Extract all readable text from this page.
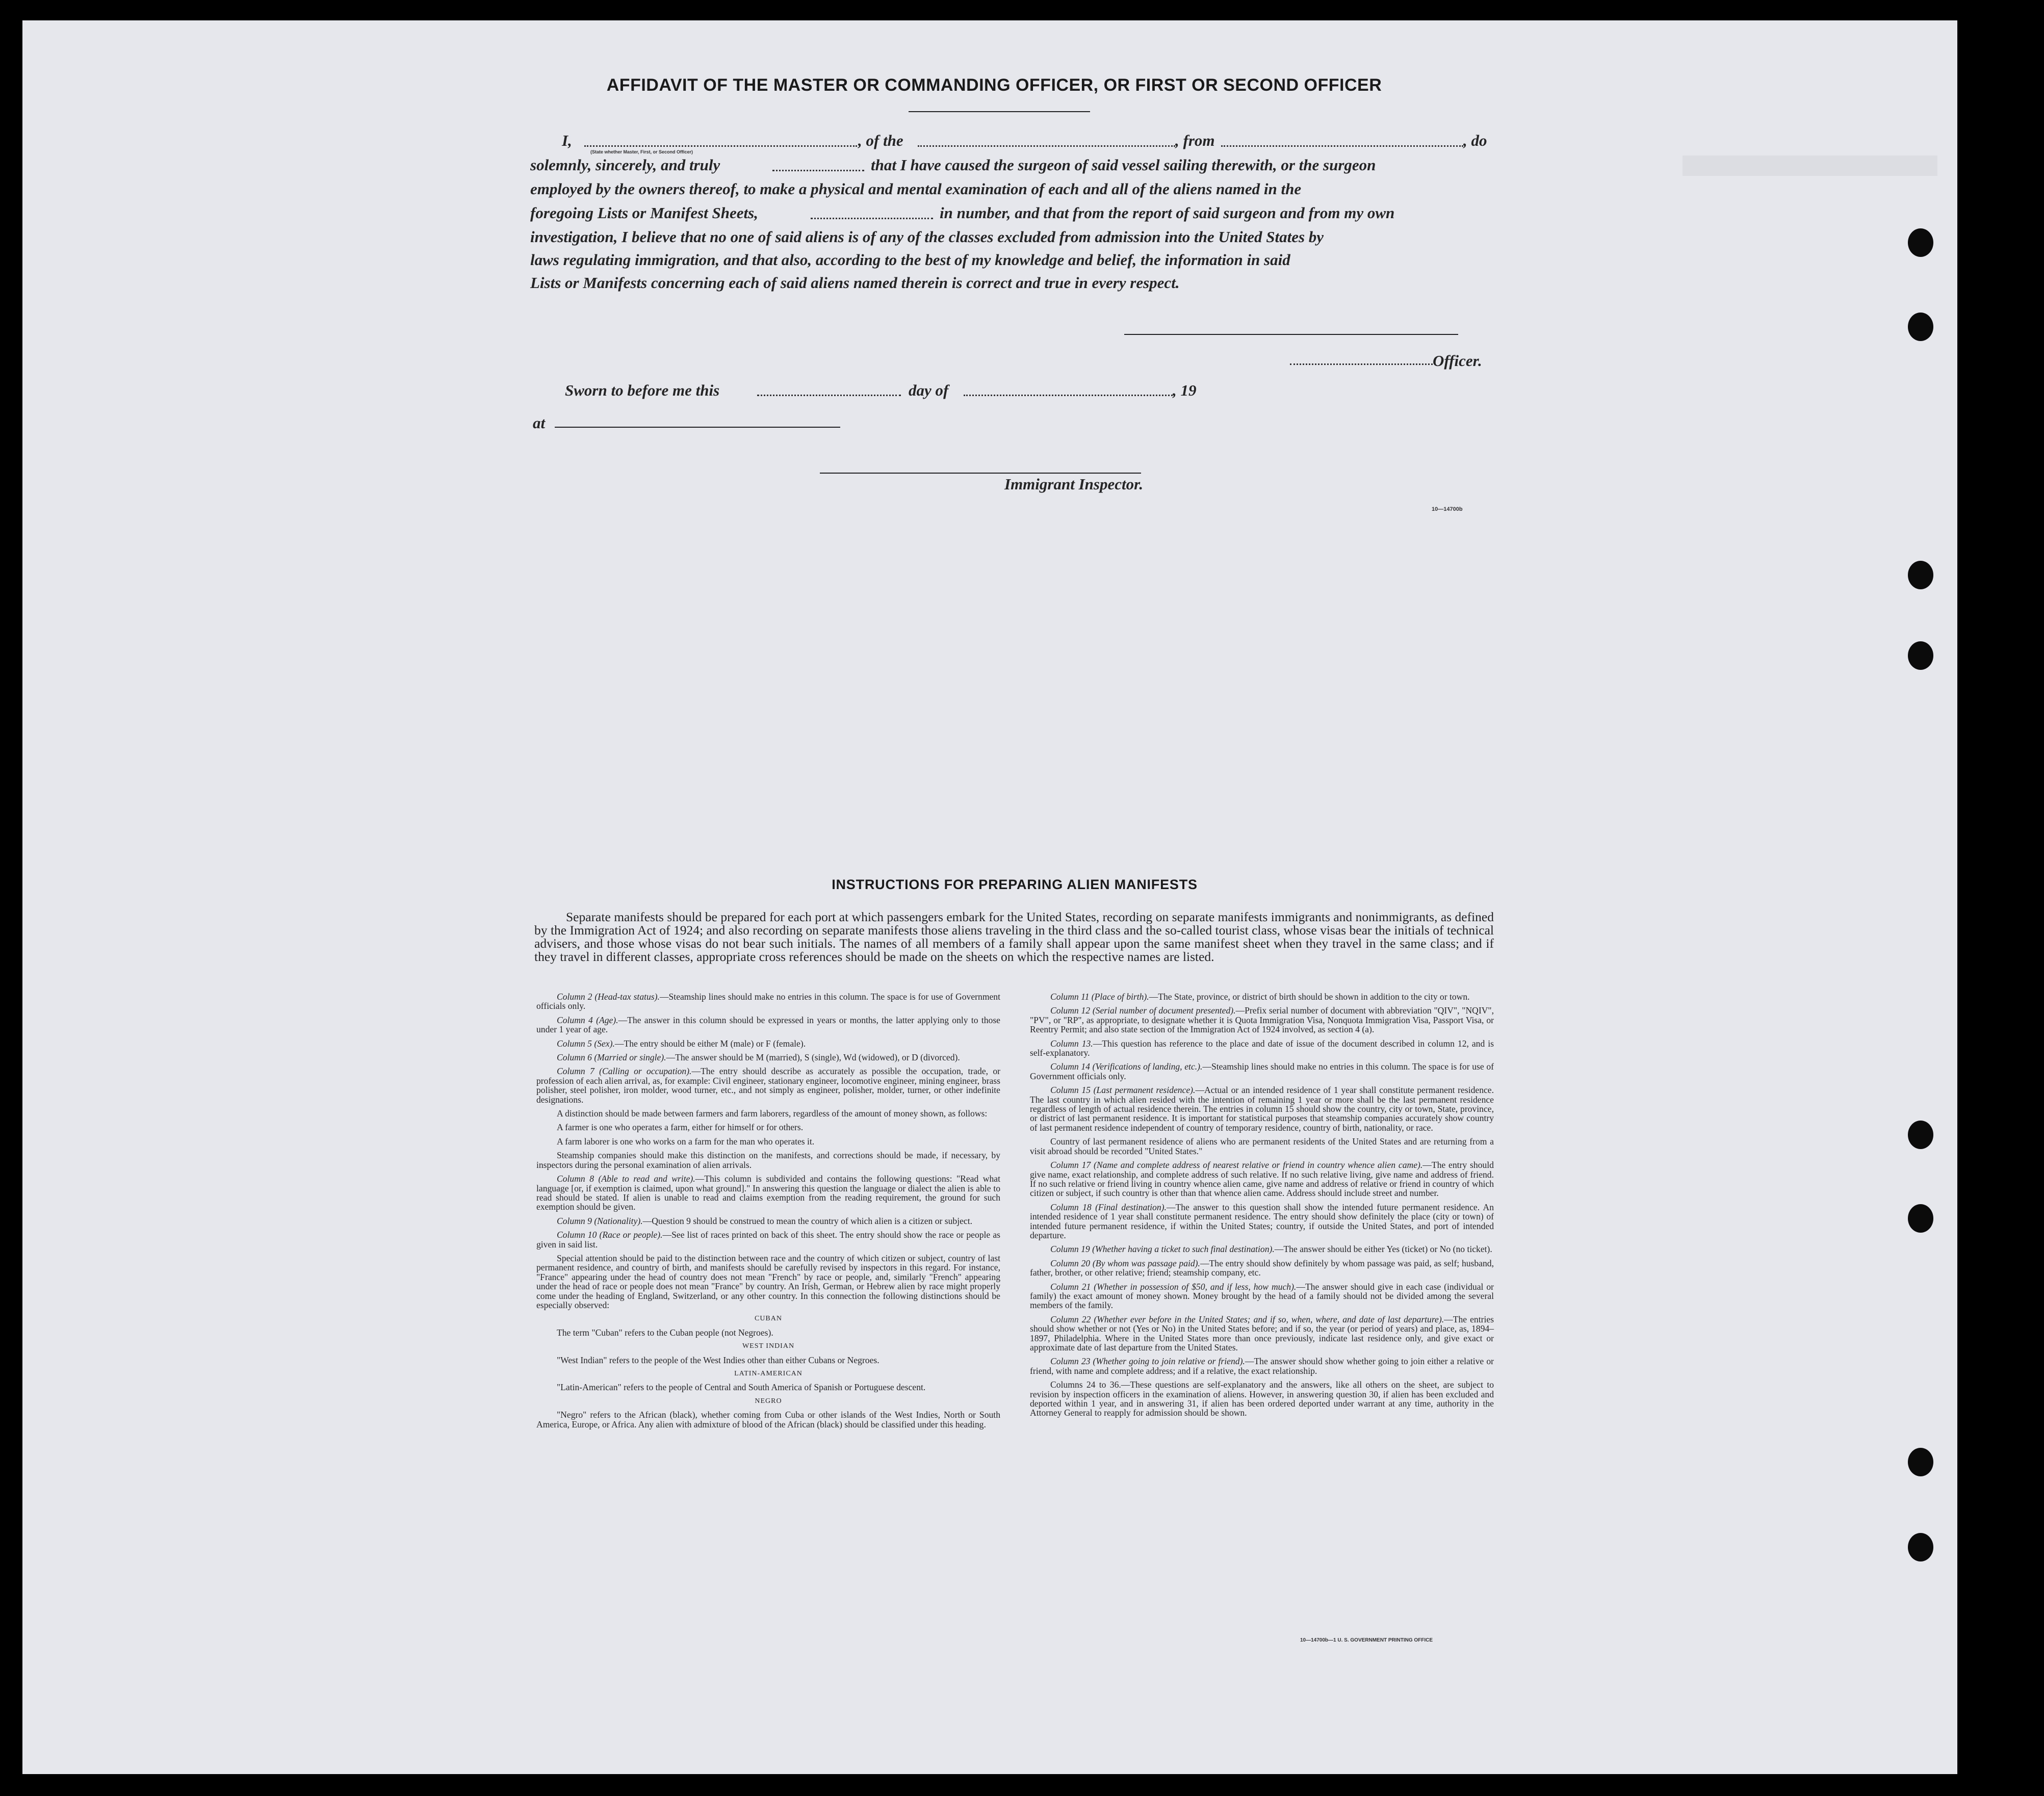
AFFIDAVIT OF THE MASTER OR COMMANDING OFFICER, OR FIRST OR SECOND OFFICER
I,
(State whether Master, First, or Second Officer)
, of the	, from	, do
solemnly, sincerely, and truly	that I have caused the surgeon of said vessel sailing therewith, or the surgeon
employed by the owners thereof, to make a physical and mental examination of each and all of the aliens named in the
foregoing Lists or Manifest Sheets,	in number, and that from the report of said surgeon and from my own
investigation, I believe that no one of said aliens is of any of the classes excluded from admission into the United States by
laws regulating immigration, and that also, according to the best of my knowledge and belief, the information in said
Lists or Manifests concerning each of said aliens named therein is correct and true in every respect.
Officer.
Sworn to before me this	day of	, 19
at
Immigrant Inspector.
10—14700b
INSTRUCTIONS FOR PREPARING ALIEN MANIFESTS
Separate manifests should be prepared for each port at which passengers embark for the United States, recording on separate manifests immigrants and nonimmigrants, as defined by the Immigration Act of 1924; and also recording on separate manifests those aliens traveling in the third class and the so-called tourist class, whose visas bear the initials of technical advisers, and those whose visas do not bear such initials. The names of all members of a family shall appear upon the same manifest sheet when they travel in the same class; and if they travel in different classes, appropriate cross references should be made on the sheets on which the respective names are listed.

Column 2 (Head-tax status).—Steamship lines should make no entries in this column. The space is for use of Government officials only.

Column 4 (Age).—The answer in this column should be expressed in years or months, the latter applying only to those under 1 year of age.

Column 5 (Sex).—The entry should be either M (male) or F (female).

Column 6 (Married or single).—The answer should be M (married), S (single), Wd (widowed), or D (divorced).

Column 7 (Calling or occupation).—The entry should describe as accurately as possible the occupation, trade, or profession of each alien arrival, as, for example: Civil engineer, stationary engineer, locomotive engineer, mining engineer, brass polisher, steel polisher, iron molder, wood turner, etc., and not simply as engineer, polisher, molder, turner, or other indefinite designations.

A distinction should be made between farmers and farm laborers, regardless of the amount of money shown, as follows:

A farmer is one who operates a farm, either for himself or for others.

A farm laborer is one who works on a farm for the man who operates it.

Steamship companies should make this distinction on the manifests, and corrections should be made, if necessary, by inspectors during the personal examination of alien arrivals.

Column 8 (Able to read and write).—This column is subdivided and contains the following questions: "Read what language [or, if exemption is claimed, upon what ground]." In answering this question the language or dialect the alien is able to read should be stated. If alien is unable to read and claims exemption from the reading requirement, the ground for such exemption should be given.

Column 9 (Nationality).—Question 9 should be construed to mean the country of which alien is a citizen or subject.

Column 10 (Race or people).—See list of races printed on back of this sheet. The entry should show the race or people as given in said list.

Special attention should be paid to the distinction between race and the country of which citizen or subject, country of last permanent residence, and country of birth, and manifests should be carefully revised by inspectors in this regard. For instance, "France" appearing under the head of country does not mean "French" by race or people, and, similarly "French" appearing under the head of race or people does not mean "France" by country. An Irish, German, or Hebrew alien by race might properly come under the heading of England, Switzerland, or any other country. In this connection the following distinctions should be especially observed:

CUBAN

The term "Cuban" refers to the Cuban people (not Negroes).

WEST INDIAN

"West Indian" refers to the people of the West Indies other than either Cubans or Negroes.

LATIN-AMERICAN

"Latin-American" refers to the people of Central and South America of Spanish or Portuguese descent.

NEGRO

"Negro" refers to the African (black), whether coming from Cuba or other islands of the West Indies, North or South America, Europe, or Africa. Any alien with admixture of blood of the African (black) should be classified under this heading.

Column 11 (Place of birth).—The State, province, or district of birth should be shown in addition to the city or town.

Column 12 (Serial number of document presented).—Prefix serial number of document with abbreviation "QIV", "NQIV", "PV", or "RP", as appropriate, to designate whether it is Quota Immigration Visa, Nonquota Immigration Visa, Passport Visa, or Reentry Permit; and also state section of the Immigration Act of 1924 involved, as section 4 (a).

Column 13.—This question has reference to the place and date of issue of the document described in column 12, and is self-explanatory.

Column 14 (Verifications of landing, etc.).—Steamship lines should make no entries in this column. The space is for use of Government officials only.

Column 15 (Last permanent residence).—Actual or an intended residence of 1 year shall constitute permanent residence. The last country in which alien resided with the intention of remaining 1 year or more shall be the last permanent residence regardless of length of actual residence therein. The entries in column 15 should show the country, city or town, State, province, or district of last permanent residence. It is important for statistical purposes that steamship companies accurately show country of last permanent residence independent of country of temporary residence, country of birth, nationality, or race.

Country of last permanent residence of aliens who are permanent residents of the United States and are returning from a visit abroad should be recorded "United States."

Column 17 (Name and complete address of nearest relative or friend in country whence alien came).—The entry should give name, exact relationship, and complete address of such relative. If no such relative living, give name and address of friend. If no such relative or friend living in country whence alien came, give name and address of relative or friend in country of which citizen or subject, if such country is other than that whence alien came. Address should include street and number.

Column 18 (Final destination).—The answer to this question shall show the intended future permanent residence. An intended residence of 1 year shall constitute permanent residence. The entry should show definitely the place (city or town) of intended future permanent residence, if within the United States; country, if outside the United States, and port of intended departure.

Column 19 (Whether having a ticket to such final destination).—The answer should be either Yes (ticket) or No (no ticket).

Column 20 (By whom was passage paid).—The entry should show definitely by whom passage was paid, as self; husband, father, brother, or other relative; friend; steamship company, etc.

Column 21 (Whether in possession of $50, and if less, how much).—The answer should give in each case (individual or family) the exact amount of money shown. Money brought by the head of a family should not be divided among the several members of the family.

Column 22 (Whether ever before in the United States; and if so, when, where, and date of last departure).—The entries should show whether or not (Yes or No) in the United States before; and if so, the year (or period of years) and place, as, 1894–1897, Philadelphia. Where in the United States more than once previously, indicate last residence only, and give exact or approximate date of last departure from the United States.

Column 23 (Whether going to join relative or friend).—The answer should show whether going to join either a relative or friend, with name and complete address; and if a relative, the exact relationship.

Columns 24 to 36.—These questions are self-explanatory and the answers, like all others on the sheet, are subject to revision by inspection officers in the examination of aliens. However, in answering question 30, if alien has been excluded and deported within 1 year, and in answering 31, if alien has been ordered deported under warrant at any time, authority in the Attorney General to reapply for admission should be shown.

10—14700b—1 U. S. GOVERNMENT PRINTING OFFICE
